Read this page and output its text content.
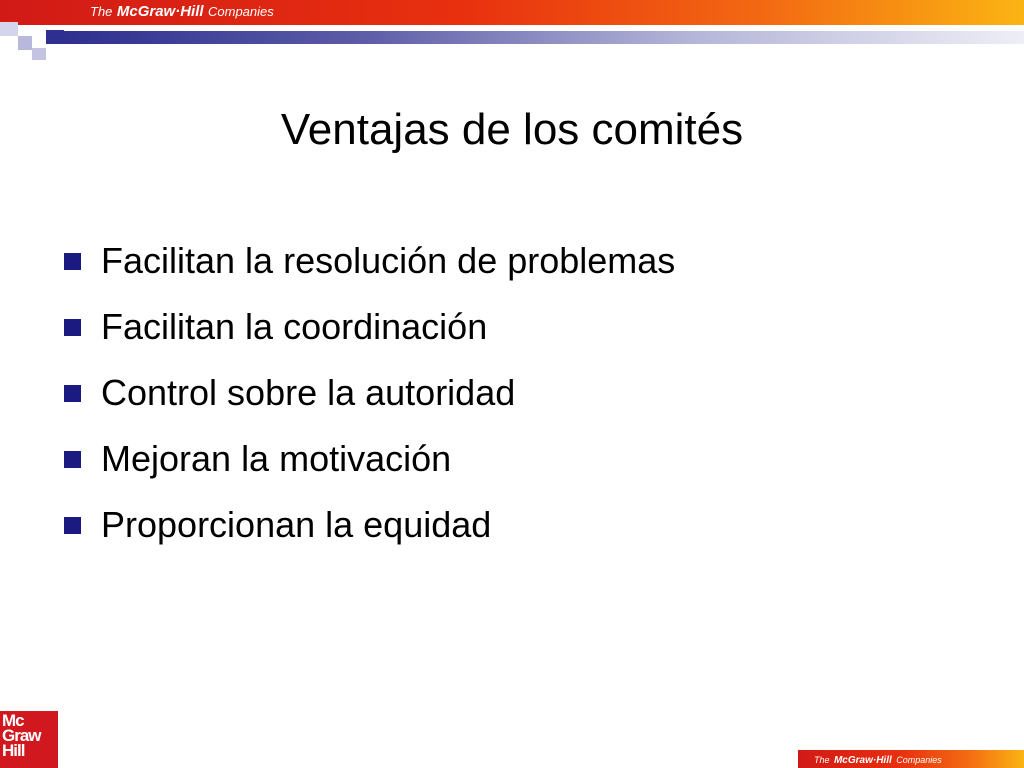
The McGraw·Hill Companies
Ventajas de los comités
Facilitan la resolución de problemas
Facilitan la coordinación
Control sobre la autoridad
Mejoran la motivación
Proporcionan la equidad
Mc
Graw
Hill	The McGraw·Hill Companies
